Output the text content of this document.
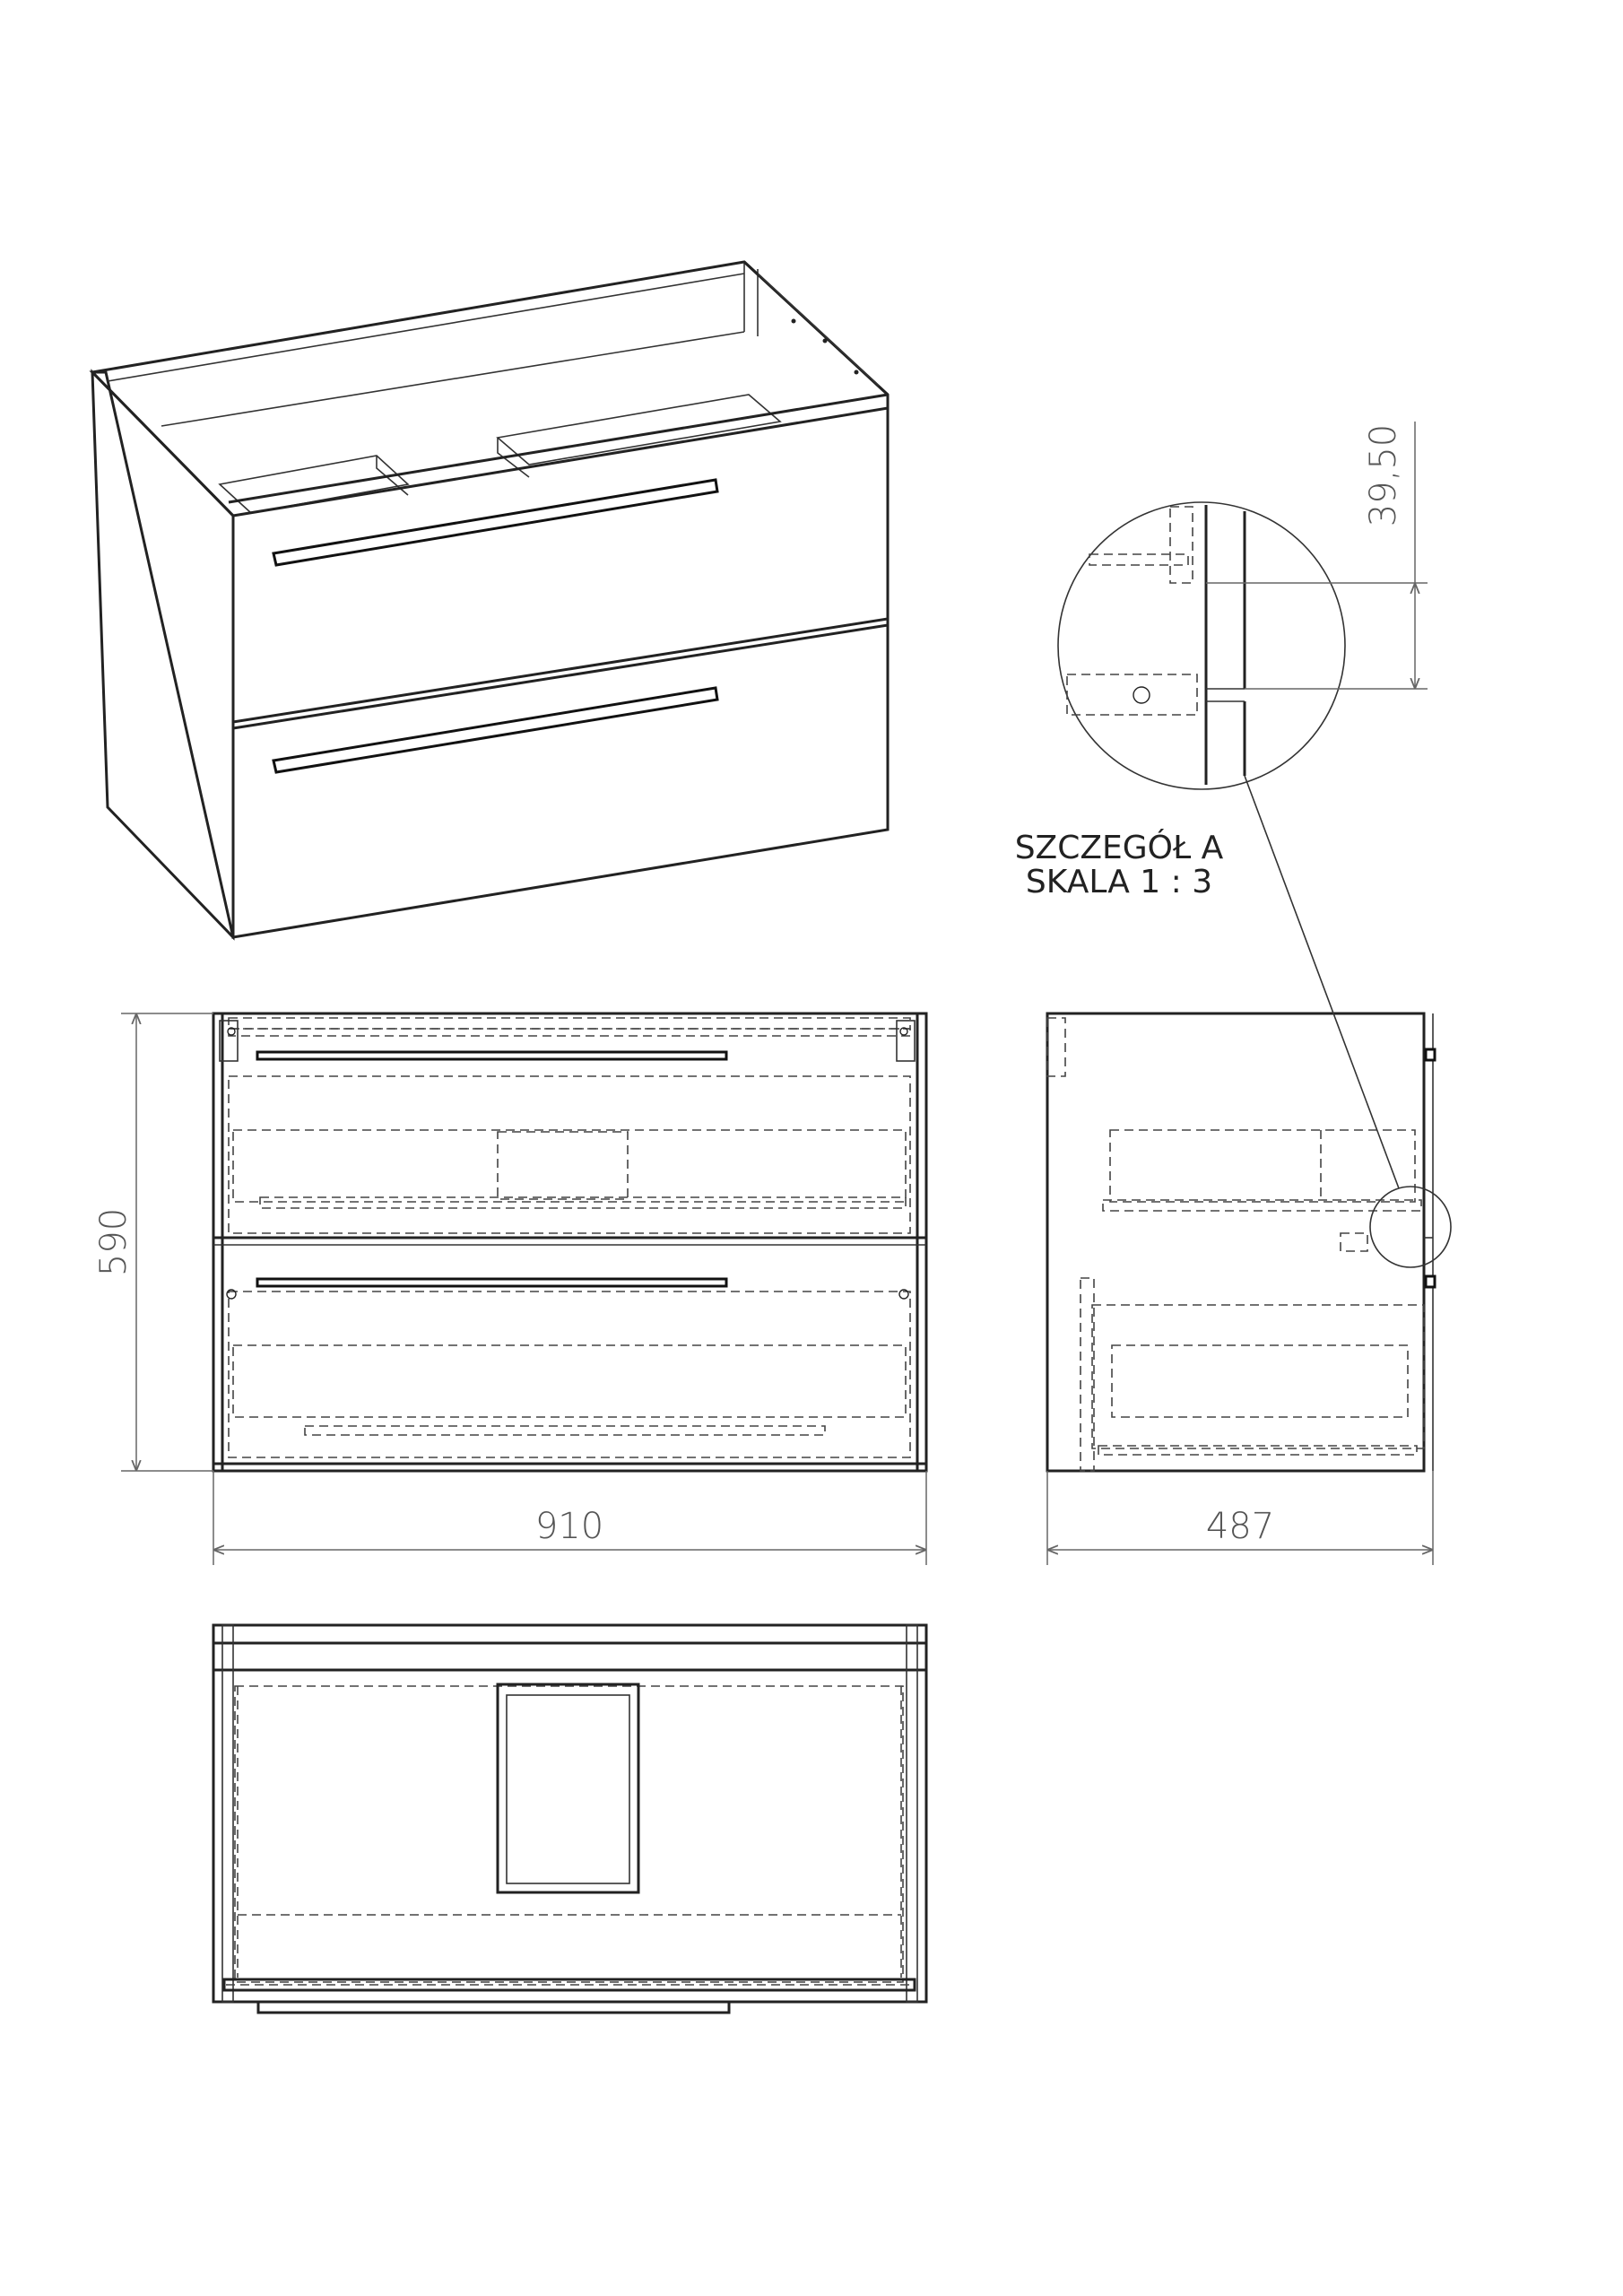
39,50
SZCZEGÓŁ A
SKALA 1 : 3
590
910	487
